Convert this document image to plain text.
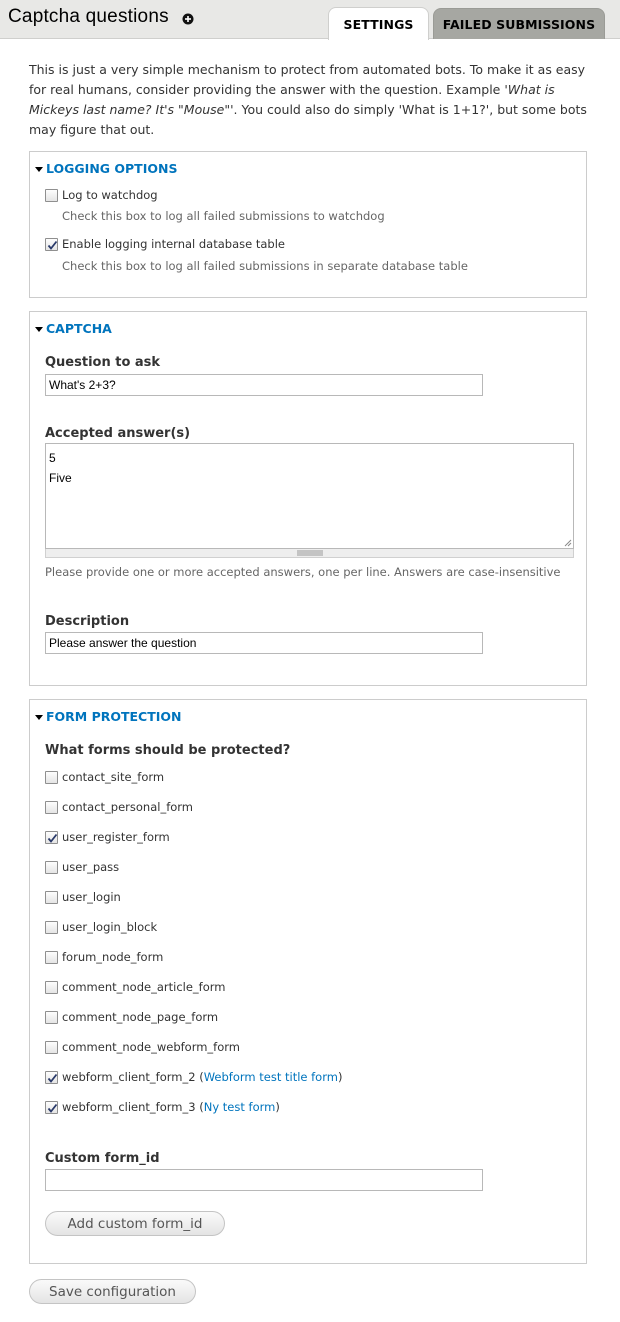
Captcha questions	SETTINGS FAILED SUBMISSIONS
This is just a very simple mechanism to protect from automated bots. To make it as easy for real humans, consider providing the answer with the question. Example 'What is Mickeys last name? It's "Mouse"'. You could also do simply 'What is 1+1?', but some bots may figure that out.
LOGGING OPTIONS
Log to watchdog
Check this box to log all failed submissions to watchdog
Enable logging internal database table
Check this box to log all failed submissions in separate database table
CAPTCHA
Question to ask
What's 2+3?
Accepted answer(s)
5
Five
Please provide one or more accepted answers, one per line. Answers are case-insensitive
Description
Please answer the question
FORM PROTECTION
What forms should be protected?
contact_site_form
contact_personal_form
user_register_form
user_pass
user_login
user_login_block
forum_node_form
comment_node_article_form
comment_node_page_form
comment_node_webform_form
webform_client_form_2 (Webform test title form)
webform_client_form_3 (Ny test form)
Custom form_id
Add custom form_id
Save configuration
